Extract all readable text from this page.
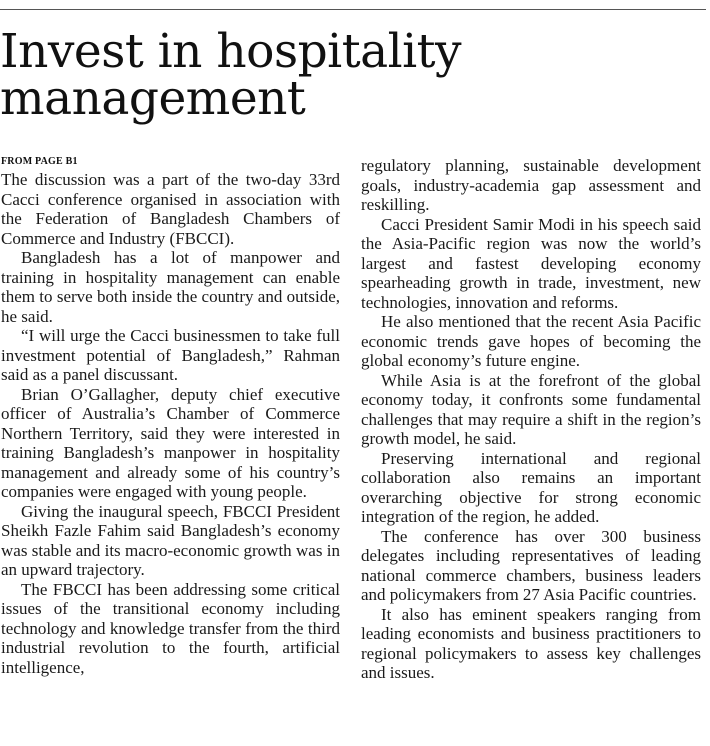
Invest in hospitality management
FROM PAGE B1

The discussion was a part of the two-day 33rd Cacci conference organised in association with the Federation of Bangladesh Chambers of Commerce and Industry (FBCCI).

Bangladesh has a lot of manpower and training in hospitality management can enable them to serve both inside the country and outside, he said.

“I will urge the Cacci businessmen to take full investment potential of Bangladesh,” Rahman said as a panel discussant.

Brian O’Gallagher, deputy chief executive officer of Australia’s Chamber of Commerce Northern Territory, said they were interested in training Bangladesh’s manpower in hospitality management and already some of his country’s companies were engaged with young people.

Giving the inaugural speech, FBCCI President Sheikh Fazle Fahim said Bangladesh’s economy was stable and its macro-economic growth was in an upward trajectory.

The FBCCI has been addressing some critical issues of the transitional economy including technology and knowledge transfer from the third industrial revolution to the fourth, artificial intelligence,

regulatory planning, sustainable development goals, industry-academia gap assessment and reskilling.

Cacci President Samir Modi in his speech said the Asia-Pacific region was now the world’s largest and fastest developing economy spearheading growth in trade, investment, new technologies, innovation and reforms.

He also mentioned that the recent Asia Pacific economic trends gave hopes of becoming the global economy’s future engine.

While Asia is at the forefront of the global economy today, it confronts some fundamental challenges that may require a shift in the region’s growth model, he said.

Preserving international and regional collaboration also remains an important overarching objective for strong economic integration of the region, he added.

The conference has over 300 business delegates including representatives of leading national commerce chambers, business leaders and policymakers from 27 Asia Pacific countries.

It also has eminent speakers ranging from leading economists and business practitioners to regional policymakers to assess key challenges and issues.
